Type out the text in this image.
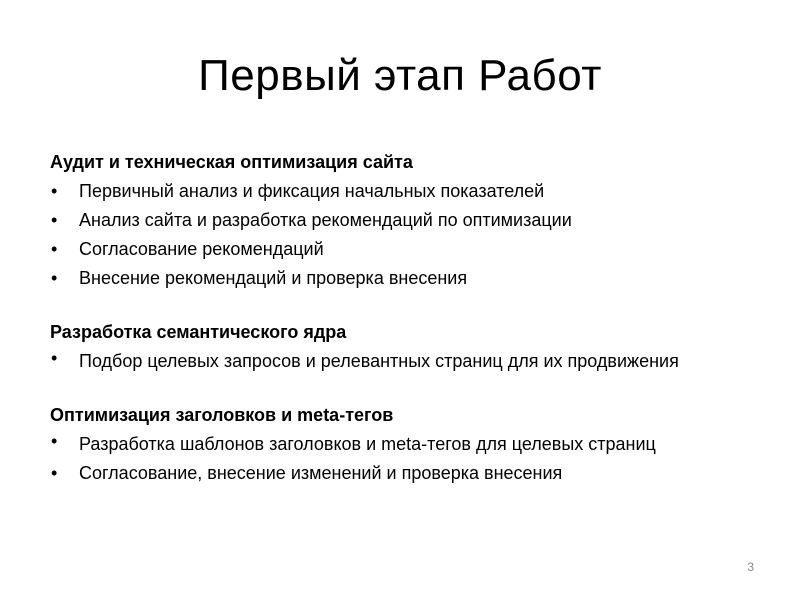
Первый этап Работ

Аудит и техническая оптимизация сайта

•	Первичный анализ и фиксация начальных показателей
•	Анализ сайта и разработка рекомендаций по оптимизации
•	Согласование рекомендаций
•	Внесение рекомендаций и проверка внесения

Разработка семантического ядра

•	Подбор целевых запросов и релевантных страниц для их продвижения

Оптимизация заголовков и meta-тегов

•	Разработка шаблонов заголовков и meta-тегов для целевых страниц
•	Согласование, внесение изменений и проверка внесения
3
